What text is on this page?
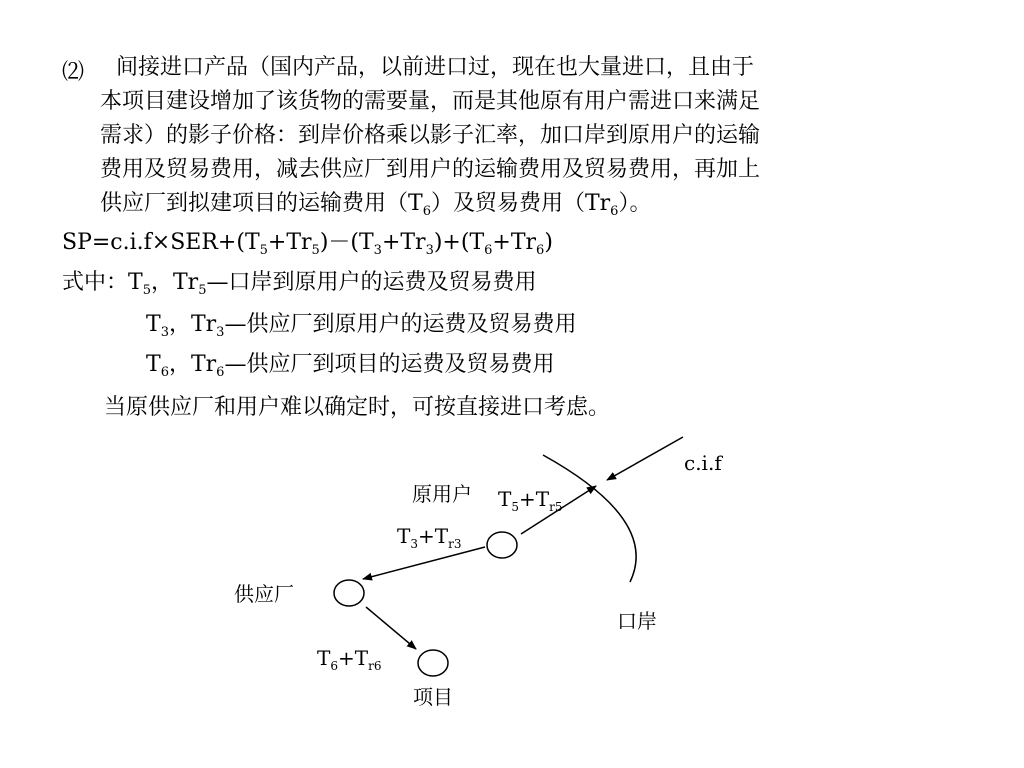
⑵ 间接进口产品（国内产品，以前进口过，现在也大量进口，且由于
本项目建设增加了该货物的需要量，而是其他原有用户需进口来满足
需求）的影子价格：到岸价格乘以影子汇率，加口岸到原用户的运输
费用及贸易费用，减去供应厂到用户的运输费用及贸易费用，再加上
供应厂到拟建项目的运输费用$(T_6)$及贸易费用$(Tr_6)$。
$SP=c.i.f\times SER+(T_5+Tr_5)-(T_3+Tr_3)+(T_6+Tr_6)$
式中：$T_5$，$Tr_5—$口岸到原用户的运费及贸易费用
$T_3$，$Tr_3—$供应厂到原用户的运费及贸易费用
$T_6$，$Tr_6—$供应厂到项目的运费及贸易费用
当原供应厂和用户难以确定时，可按直接进口考虑。
c.i.f
原用户 $T_5+T_{r5}$
$T_3+T_{r3}$
供应厂
口岸
$T_6+T_{r6}$
项目
